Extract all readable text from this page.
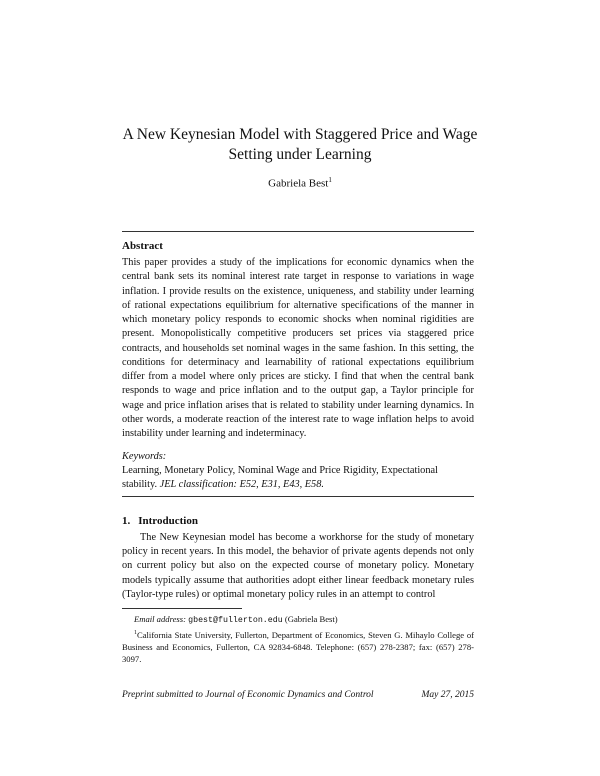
A New Keynesian Model with Staggered Price and Wage Setting under Learning
Gabriela Best$^1$
Abstract
This paper provides a study of the implications for economic dynamics when the central bank sets its nominal interest rate target in response to variations in wage inflation. I provide results on the existence, uniqueness, and stability under learning of rational expectations equilibrium for alternative specifications of the manner in which monetary policy responds to economic shocks when nominal rigidities are present. Monopolistically competitive producers set prices via staggered price contracts, and households set nominal wages in the same fashion. In this setting, the conditions for determinacy and learnability of rational expectations equilibrium differ from a model where only prices are sticky. I find that when the central bank responds to wage and price inflation and to the output gap, a Taylor principle for wage and price inflation arises that is related to stability under learning dynamics. In other words, a moderate reaction of the interest rate to wage inflation helps to avoid instability under learning and indeterminacy.
Keywords:
Learning, Monetary Policy, Nominal Wage and Price Rigidity, Expectational stability. JEL classification: E52, E31, E43, E58.
1. Introduction
The New Keynesian model has become a workhorse for the study of monetary policy in recent years. In this model, the behavior of private agents depends not only on current policy but also on the expected course of monetary policy. Monetary models typically assume that authorities adopt either linear feedback monetary rules (Taylor-type rules) or optimal monetary policy rules in an attempt to control
Email address: gbest@fullerton.edu (Gabriela Best)
$^1$California State University, Fullerton, Department of Economics, Steven G. Mihaylo College of Business and Economics, Fullerton, CA 92834-6848. Telephone: (657) 278-2387; fax: (657) 278-3097.
Preprint submitted to Journal of Economic Dynamics and Control	May 27, 2015
